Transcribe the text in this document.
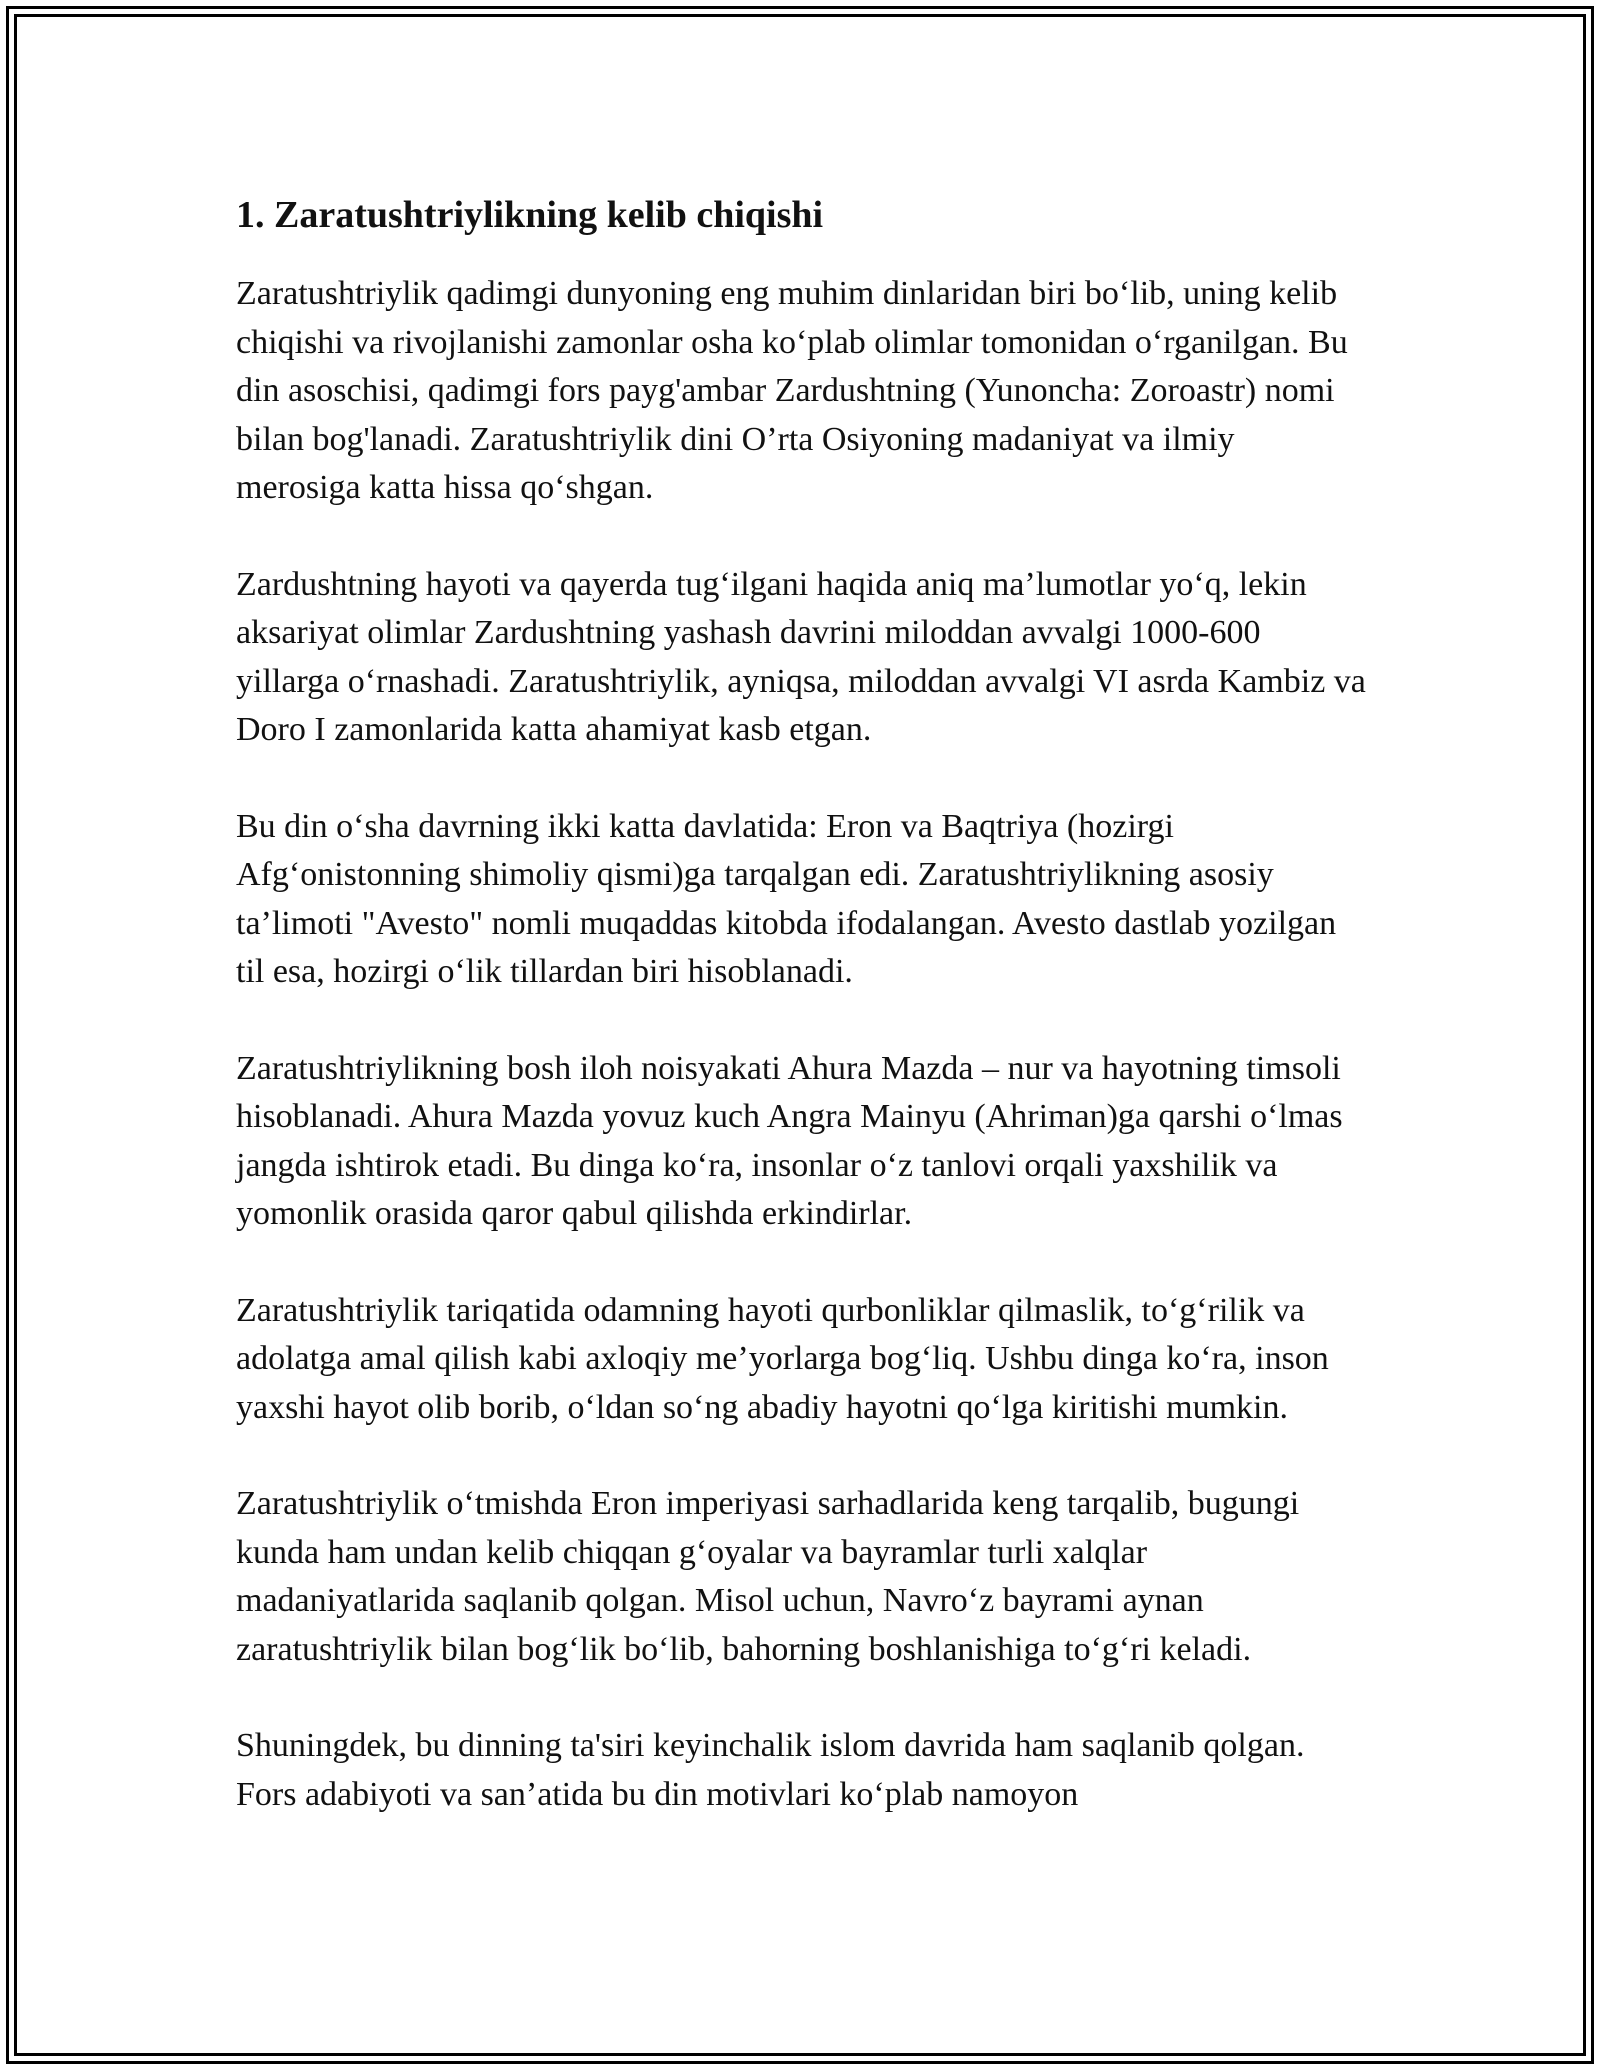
1. Zaratushtriylikning kelib chiqishi

Zaratushtriylik qadimgi dunyoning eng muhim dinlaridan biri bo‘lib, uning kelib chiqishi va rivojlanishi zamonlar osha ko‘plab olimlar tomonidan o‘rganilgan. Bu din asoschisi, qadimgi fors payg'ambar Zardushtning (Yunoncha: Zoroastr) nomi bilan bog'lanadi. Zaratushtriylik dini O’rta Osiyoning madaniyat va ilmiy merosiga katta hissa qo‘shgan.

Zardushtning hayoti va qayerda tug‘ilgani haqida aniq ma’lumotlar yo‘q, lekin aksariyat olimlar Zardushtning yashash davrini miloddan avvalgi 1000-600 yillarga o‘rnashadi. Zaratushtriylik, ayniqsa, miloddan avvalgi VI asrda Kambiz va Doro I zamonlarida katta ahamiyat kasb etgan.

Bu din o‘sha davrning ikki katta davlatida: Eron va Baqtriya (hozirgi Afg‘onistonning shimoliy qismi)ga tarqalgan edi. Zaratushtriylikning asosiy ta’limoti "Avesto" nomli muqaddas kitobda ifodalangan. Avesto dastlab yozilgan til esa, hozirgi o‘lik tillardan biri hisoblanadi.

Zaratushtriylikning bosh iloh noisyakati Ahura Mazda – nur va hayotning timsoli hisoblanadi. Ahura Mazda yovuz kuch Angra Mainyu (Ahriman)ga qarshi o‘lmas jangda ishtirok etadi. Bu dinga ko‘ra, insonlar o‘z tanlovi orqali yaxshilik va yomonlik orasida qaror qabul qilishda erkindirlar.

Zaratushtriylik tariqatida odamning hayoti qurbonliklar qilmaslik, to‘g‘rilik va adolatga amal qilish kabi axloqiy me’yorlarga bog‘liq. Ushbu dinga ko‘ra, inson yaxshi hayot olib borib, o‘ldan so‘ng abadiy hayotni qo‘lga kiritishi mumkin.

Zaratushtriylik o‘tmishda Eron imperiyasi sarhadlarida keng tarqalib, bugungi kunda ham undan kelib chiqqan g‘oyalar va bayramlar turli xalqlar madaniyatlarida saqlanib qolgan. Misol uchun, Navro‘z bayrami aynan zaratushtriylik bilan bog‘lik bo‘lib, bahorning boshlanishiga to‘g‘ri keladi.

Shuningdek, bu dinning ta'siri keyinchalik islom davrida ham saqlanib qolgan. Fors adabiyoti va san’atida bu din motivlari ko‘plab namoyon
